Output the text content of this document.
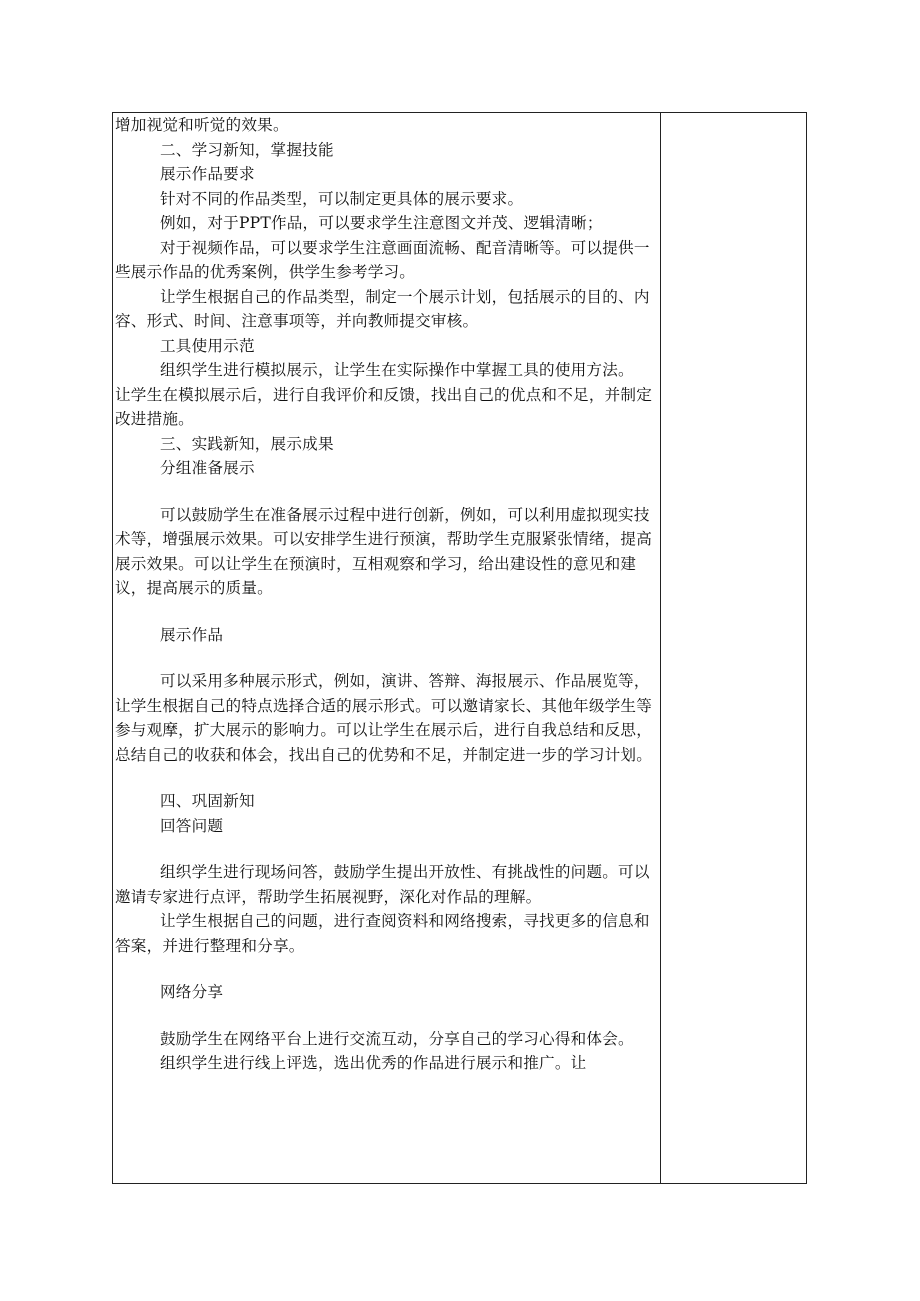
增加视觉和听觉的效果。

二、学习新知，掌握技能

展示作品要求

针对不同的作品类型，可以制定更具体的展示要求。

例如，对于PPT作品，可以要求学生注意图文并茂、逻辑清晰；

对于视频作品，可以要求学生注意画面流畅、配音清晰等。可以提供一些展示作品的优秀案例，供学生参考学习。

让学生根据自己的作品类型，制定一个展示计划，包括展示的目的、内容、形式、时间、注意事项等，并向教师提交审核。

工具使用示范

组织学生进行模拟展示，让学生在实际操作中掌握工具的使用方法。

让学生在模拟展示后，进行自我评价和反馈，找出自己的优点和不足，并制定改进措施。

三、实践新知，展示成果

分组准备展示

可以鼓励学生在准备展示过程中进行创新，例如，可以利用虚拟现实技术等，增强展示效果。可以安排学生进行预演，帮助学生克服紧张情绪，提高展示效果。可以让学生在预演时，互相观察和学习，给出建设性的意见和建议，提高展示的质量。

展示作品

可以采用多种展示形式，例如，演讲、答辩、海报展示、作品展览等，让学生根据自己的特点选择合适的展示形式。可以邀请家长、其他年级学生等参与观摩，扩大展示的影响力。可以让学生在展示后，进行自我总结和反思，总结自己的收获和体会，找出自己的优势和不足，并制定进一步的学习计划。

四、巩固新知

回答问题

组织学生进行现场问答，鼓励学生提出开放性、有挑战性的问题。可以邀请专家进行点评，帮助学生拓展视野，深化对作品的理解。

让学生根据自己的问题，进行查阅资料和网络搜索，寻找更多的信息和答案，并进行整理和分享。

网络分享

鼓励学生在网络平台上进行交流互动，分享自己的学习心得和体会。

组织学生进行线上评选，选出优秀的作品进行展示和推广。让
